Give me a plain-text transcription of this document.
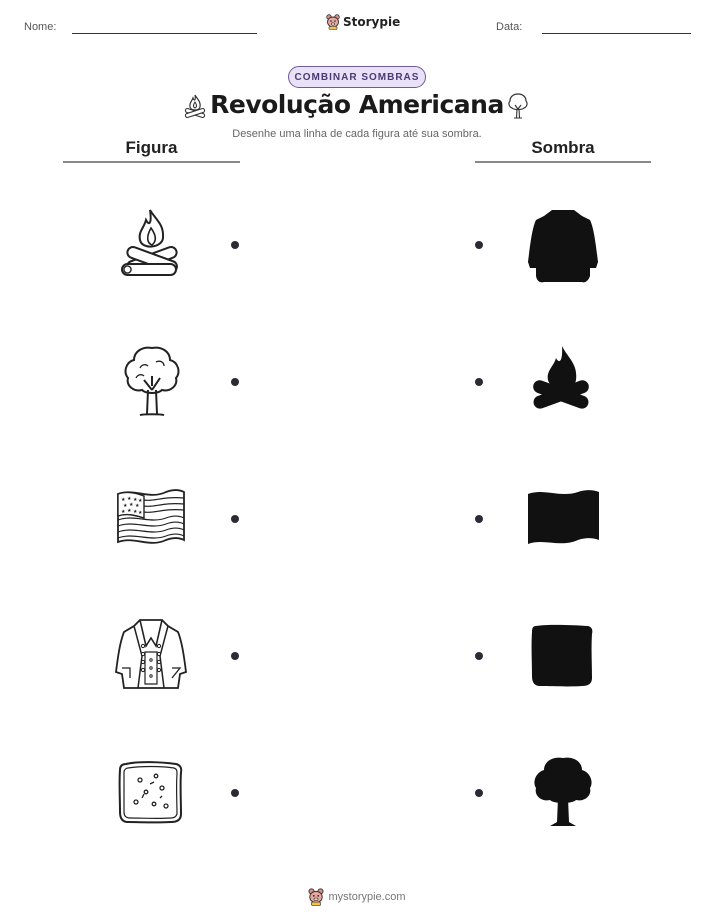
Nome:	Storypie	Data:
COMBINAR SOMBRAS
Revolução Americana
Desenhe uma linha de cada figura até sua sombra.
Figura	Sombra
★ ★ ★ ★
★ ★ ★
★ ★ ★ ★
mystorypie.com
